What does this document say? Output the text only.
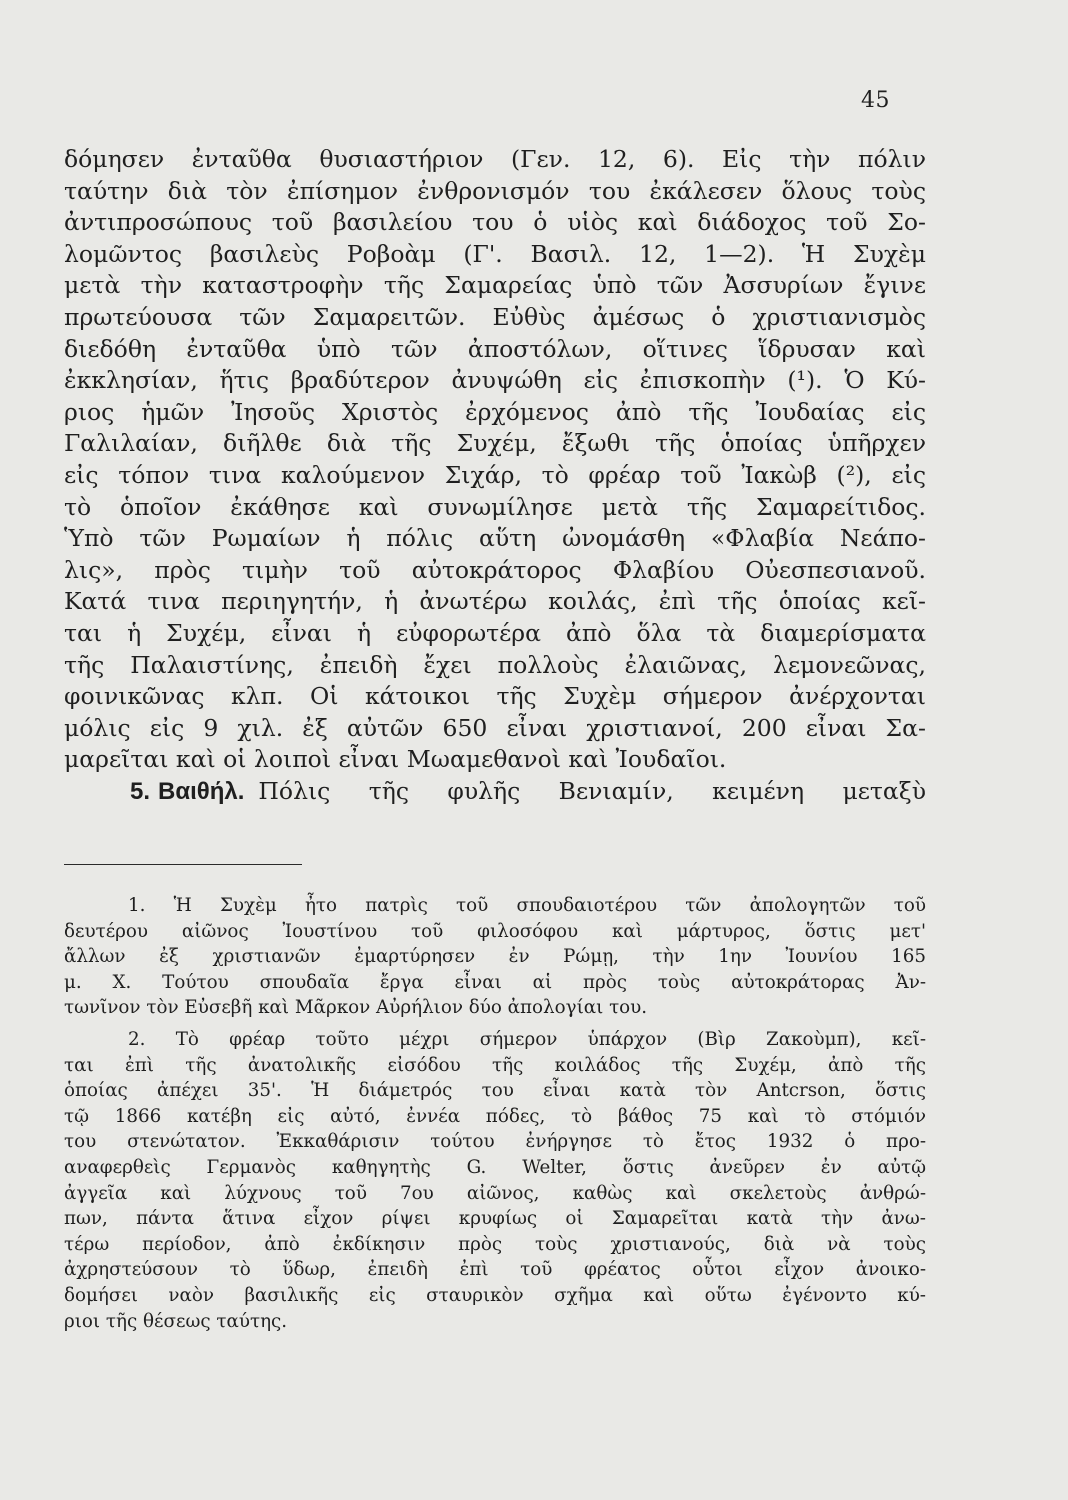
45
δόμησεν ἐνταῦθα θυσιαστήριον (Γεν. 12, 6). Εἰς τὴν πόλιν
ταύτην διὰ τὸν ἐπίσημον ἐνθρονισμόν του ἐκάλεσεν ὅλους τοὺς
ἀντιπροσώπους τοῦ βασιλείου του ὁ υἱὸς καὶ διάδοχος τοῦ Σο-
λομῶντος βασιλεὺς Ροβοὰμ (Γ'. Βασιλ. 12, 1—2). Ἡ Συχὲμ
μετὰ τὴν καταστροφὴν τῆς Σαμαρείας ὑπὸ τῶν Ἀσσυρίων ἔγινε
πρωτεύουσα τῶν Σαμαρειτῶν. Εὐθὺς ἀμέσως ὁ χριστιανισμὸς
διεδόθη ἐνταῦθα ὑπὸ τῶν ἀποστόλων, οἵτινες ἵδρυσαν καὶ
ἐκκλησίαν, ἥτις βραδύτερον ἀνυψώθη εἰς ἐπισκοπὴν (¹). Ὁ Κύ-
ριος ἡμῶν Ἰησοῦς Χριστὸς ἐρχόμενος ἀπὸ τῆς Ἰουδαίας εἰς
Γαλιλαίαν, διῆλθε διὰ τῆς Συχέμ, ἔξωθι τῆς ὁποίας ὑπῆρχεν
εἰς τόπον τινα καλούμενον Σιχάρ, τὸ φρέαρ τοῦ Ἰακὼβ (²), εἰς
τὸ ὁποῖον ἐκάθησε καὶ συνωμίλησε μετὰ τῆς Σαμαρείτιδος.
Ὑπὸ τῶν Ρωμαίων ἡ πόλις αὕτη ὠνομάσθη «Φλαβία Νεάπο-
λις», πρὸς τιμὴν τοῦ αὐτοκράτορος Φλαβίου Οὐεσπεσιανοῦ.
Κατά τινα περιηγητήν, ἡ ἀνωτέρω κοιλάς, ἐπὶ τῆς ὁποίας κεῖ-
ται ἡ Συχέμ, εἶναι ἡ εὐφορωτέρα ἀπὸ ὅλα τὰ διαμερίσματα
τῆς Παλαιστίνης, ἐπειδὴ ἔχει πολλοὺς ἐλαιῶνας, λεμονεῶνας,
φοινικῶνας κλπ. Οἱ κάτοικοι τῆς Συχὲμ σήμερον ἀνέρχονται
μόλις εἰς 9 χιλ. ἐξ αὐτῶν 650 εἶναι χριστιανοί, 200 εἶναι Σα-
μαρεῖται καὶ οἱ λοιποὶ εἶναι Μωαμεθανοὶ καὶ Ἰουδαῖοι.
5. Βαιθήλ. Πόλις τῆς φυλῆς Βενιαμίν, κειμένη μεταξὺ
1. Ἡ Συχὲμ ἦτο πατρὶς τοῦ σπουδαιοτέρου τῶν ἀπολογητῶν τοῦ
δευτέρου αἰῶνος Ἰουστίνου τοῦ φιλοσόφου καὶ μάρτυρος, ὅστις μετ'
ἄλλων ἐξ χριστιανῶν ἐμαρτύρησεν ἐν Ρώμῃ, τὴν 1ην Ἰουνίου 165
μ. Χ. Τούτου σπουδαῖα ἔργα εἶναι αἱ πρὸς τοὺς αὐτοκράτορας Ἀν-
τωνῖνον τὸν Εὐσεβῆ καὶ Μᾶρκον Αὐρήλιον δύο ἀπολογίαι του.
2. Τὸ φρέαρ τοῦτο μέχρι σήμερον ὑπάρχον (Βὶρ Ζακοὺμπ), κεῖ-
ται ἐπὶ τῆς ἀνατολικῆς εἰσόδου τῆς κοιλάδος τῆς Συχέμ, ἀπὸ τῆς
ὁποίας ἀπέχει 35'. Ἡ διάμετρός του εἶναι κατὰ τὸν Antcrson, ὅστις
τῷ 1866 κατέβη εἰς αὐτό, ἐννέα πόδες, τὸ βάθος 75 καὶ τὸ στόμιόν
του στενώτατον. Ἐκκαθάρισιν τούτου ἐνήργησε τὸ ἔτος 1932 ὁ προ-
αναφερθεὶς Γερμανὸς καθηγητὴς G. Welter, ὅστις ἀνεῦρεν ἐν αὐτῷ
ἀγγεῖα καὶ λύχνους τοῦ 7ου αἰῶνος, καθὼς καὶ σκελετοὺς ἀνθρώ-
πων, πάντα ἅτινα εἶχον ρίψει κρυφίως οἱ Σαμαρεῖται κατὰ τὴν ἀνω-
τέρω περίοδον, ἀπὸ ἐκδίκησιν πρὸς τοὺς χριστιανούς, διὰ νὰ τοὺς
ἀχρηστεύσουν τὸ ὕδωρ, ἐπειδὴ ἐπὶ τοῦ φρέατος οὗτοι εἶχον ἀνοικο-
δομήσει ναὸν βασιλικῆς εἰς σταυρικὸν σχῆμα καὶ οὕτω ἐγένοντο κύ-
ριοι τῆς θέσεως ταύτης.
